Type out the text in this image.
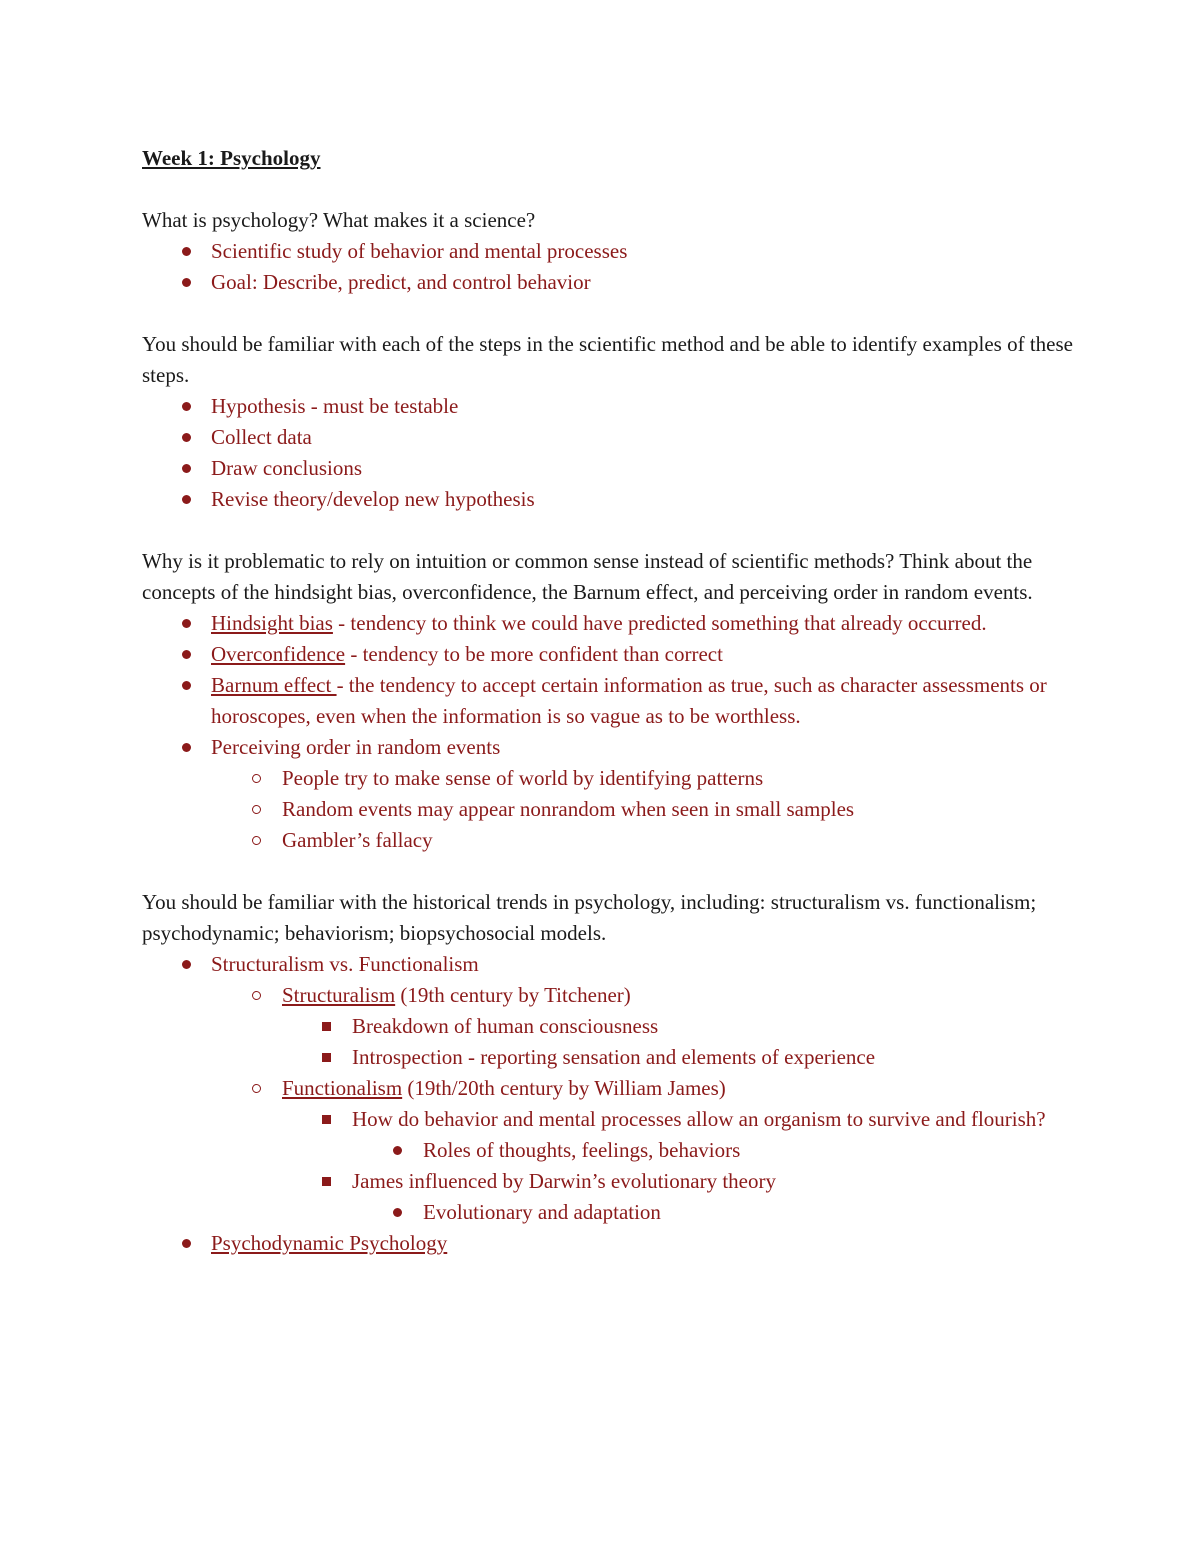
Week 1: Psychology

What is psychology? What makes it a science?

Scientific study of behavior and mental processes
Goal: Describe, predict, and control behavior

You should be familiar with each of the steps in the scientific method and be able to identify examples of these steps.

Hypothesis - must be testable
Collect data
Draw conclusions
Revise theory/develop new hypothesis

Why is it problematic to rely on intuition or common sense instead of scientific methods? Think about the concepts of the hindsight bias, overconfidence, the Barnum effect, and perceiving order in random events.

Hindsight bias - tendency to think we could have predicted something that already occurred.
Overconfidence - tendency to be more confident than correct
Barnum effect - the tendency to accept certain information as true, such as character assessments or horoscopes, even when the information is so vague as to be worthless.
Perceiving order in random events
People try to make sense of world by identifying patterns
Random events may appear nonrandom when seen in small samples
Gambler’s fallacy

You should be familiar with the historical trends in psychology, including: structuralism vs. functionalism; psychodynamic; behaviorism; biopsychosocial models.

Structuralism vs. Functionalism
Structuralism (19th century by Titchener)
Breakdown of human consciousness
Introspection - reporting sensation and elements of experience
Functionalism (19th/20th century by William James)
How do behavior and mental processes allow an organism to survive and flourish?
Roles of thoughts, feelings, behaviors
James influenced by Darwin’s evolutionary theory
Evolutionary and adaptation
Psychodynamic Psychology
